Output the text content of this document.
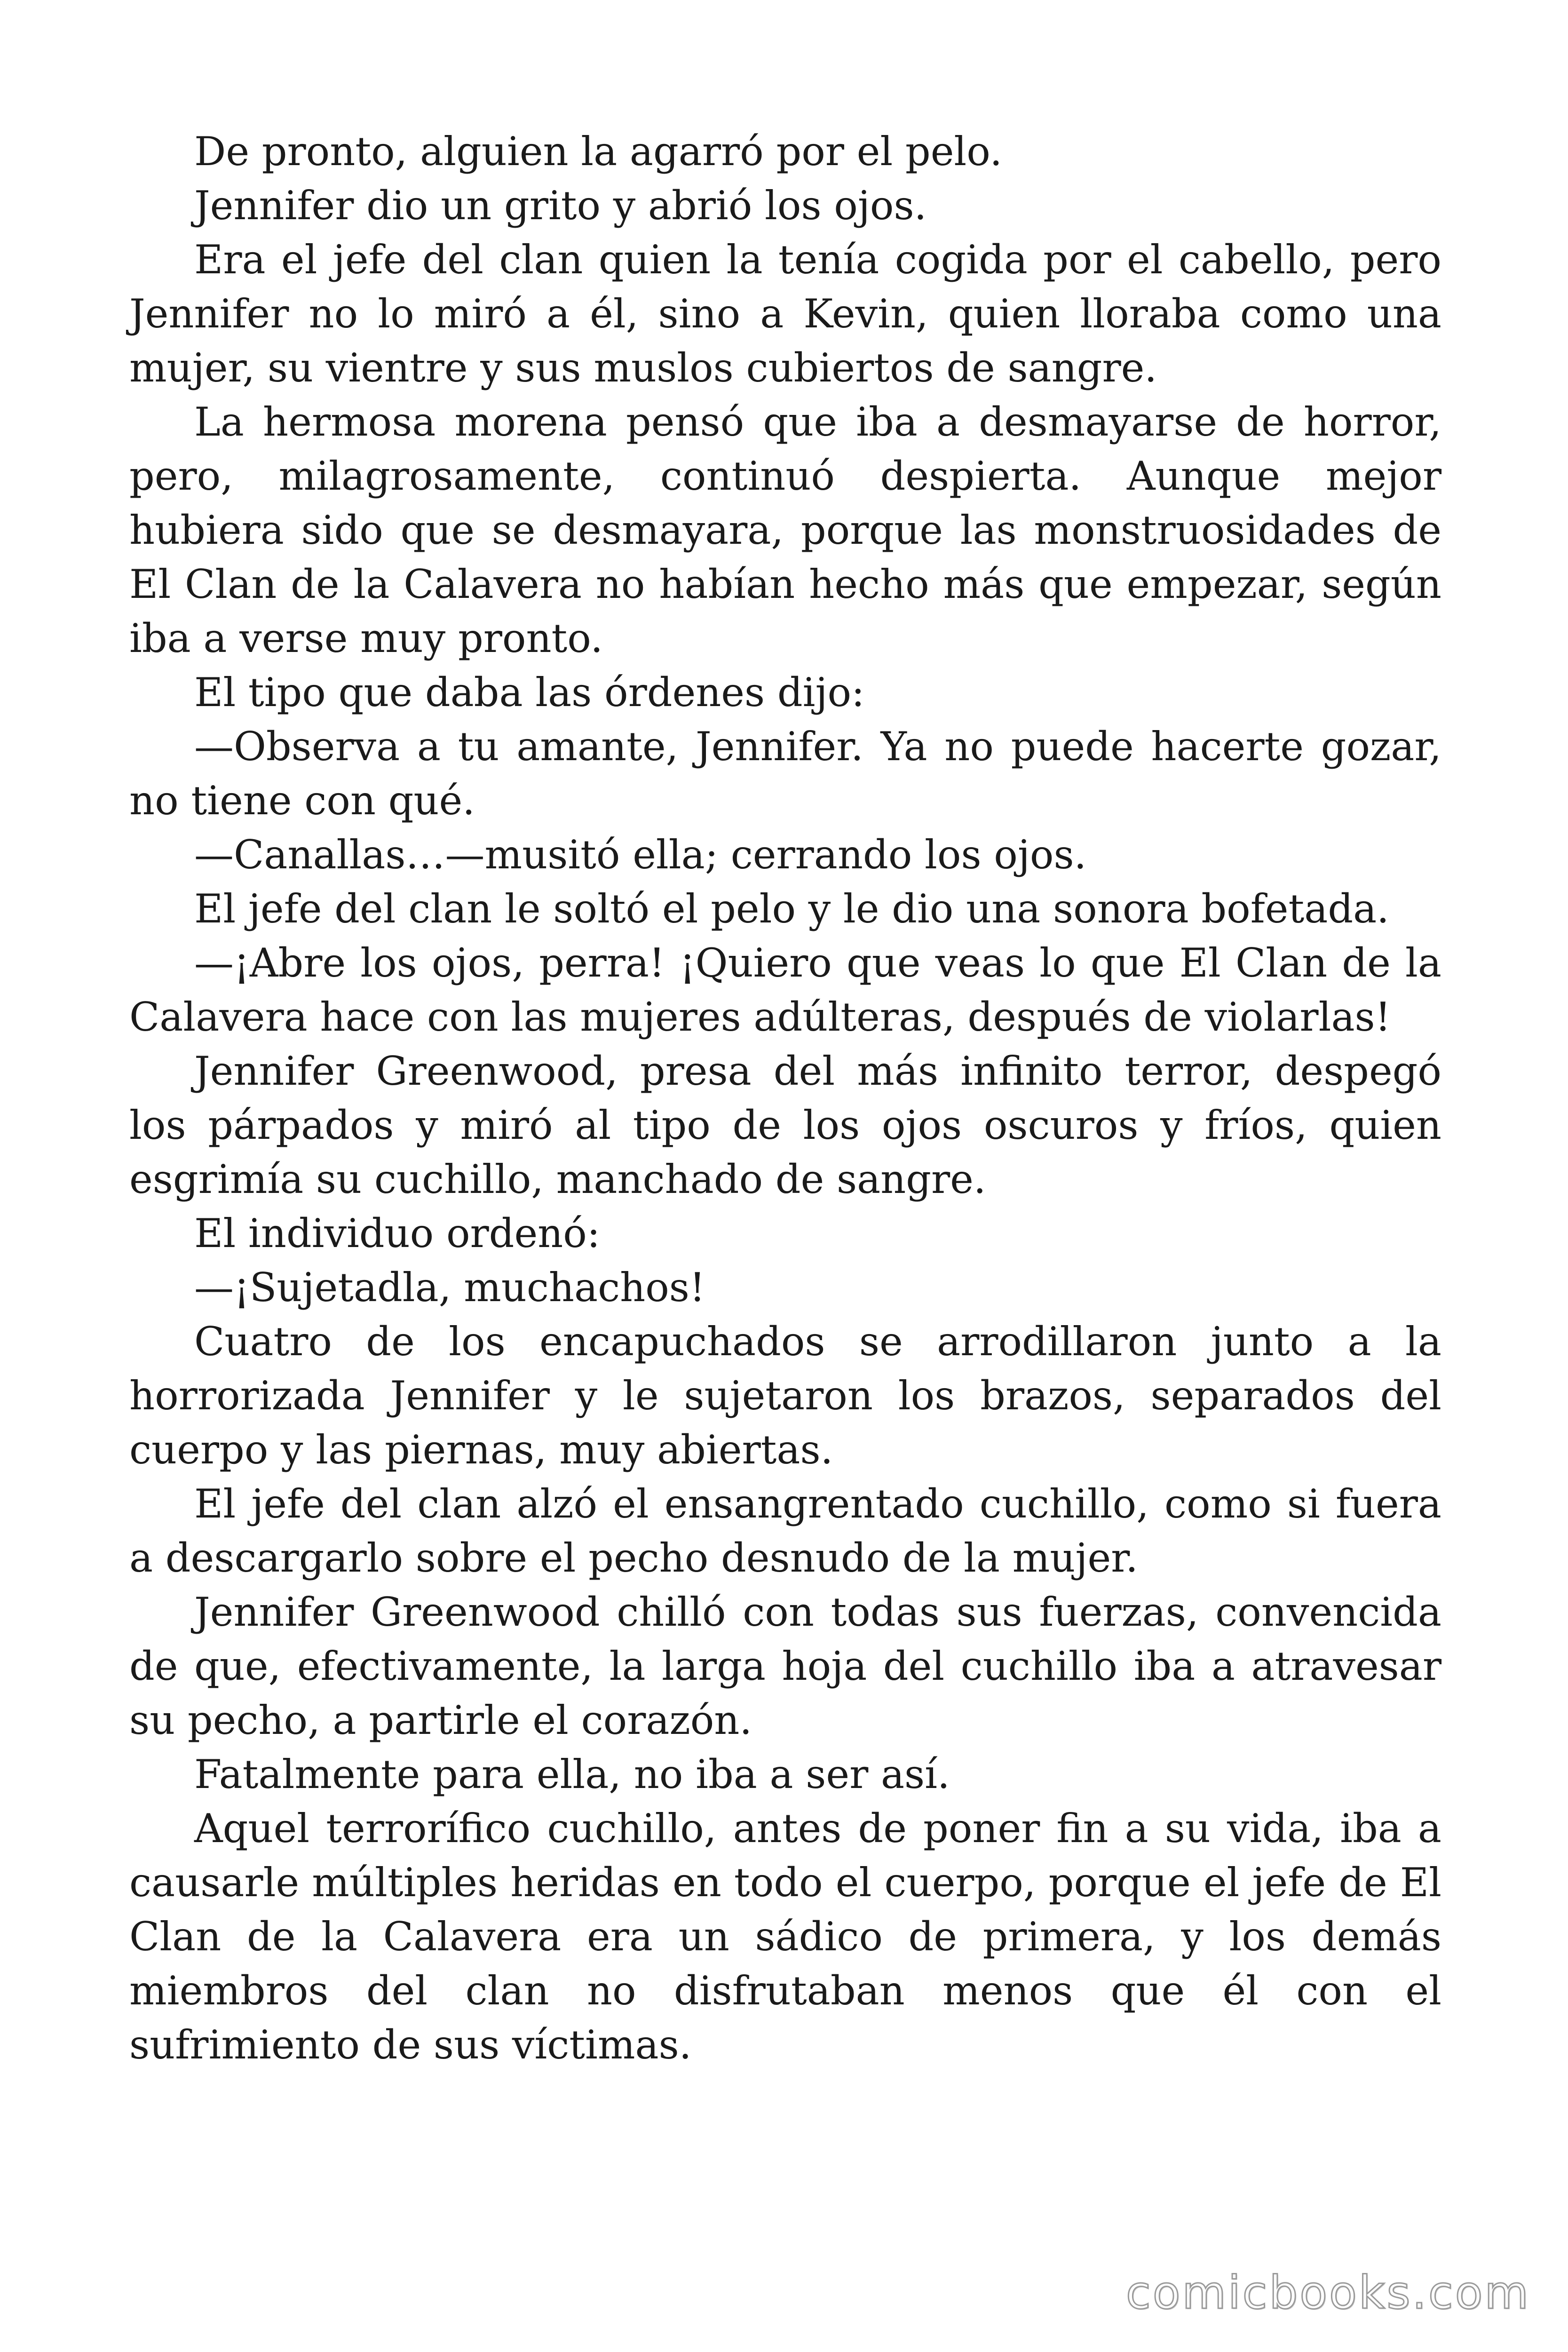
De pronto, alguien la agarró por el pelo.

Jennifer dio un grito y abrió los ojos.

Era el jefe del clan quien la tenía cogida por el cabello, pero Jennifer no lo miró a él, sino a Kevin, quien lloraba como una mujer, su vientre y sus muslos cubiertos de sangre.

La hermosa morena pensó que iba a desmayarse de horror, pero, milagrosamente, continuó despierta. Aunque mejor hubiera sido que se desmayara, porque las monstruosidades de El Clan de la Calavera no habían hecho más que empezar, según iba a verse muy pronto.

El tipo que daba las órdenes dijo:

—Observa a tu amante, Jennifer. Ya no puede hacerte gozar, no tiene con qué.

—Canallas…—musitó ella; cerrando los ojos.

El jefe del clan le soltó el pelo y le dio una sonora bofetada.

—¡Abre los ojos, perra! ¡Quiero que veas lo que El Clan de la Calavera hace con las mujeres adúlteras, después de violarlas!

Jennifer Greenwood, presa del más infinito terror, despegó los párpados y miró al tipo de los ojos oscuros y fríos, quien esgrimía su cuchillo, manchado de sangre.

El individuo ordenó:

—¡Sujetadla, muchachos!

Cuatro de los encapuchados se arrodillaron junto a la horrorizada Jennifer y le sujetaron los brazos, separados del cuerpo y las piernas, muy abiertas.

El jefe del clan alzó el ensangrentado cuchillo, como si fuera a descargarlo sobre el pecho desnudo de la mujer.

Jennifer Greenwood chilló con todas sus fuerzas, convencida de que, efectivamente, la larga hoja del cuchillo iba a atravesar su pecho, a partirle el corazón.

Fatalmente para ella, no iba a ser así.

Aquel terrorífico cuchillo, antes de poner fin a su vida, iba a causarle múltiples heridas en todo el cuerpo, porque el jefe de El Clan de la Calavera era un sádico de primera, y los demás miembros del clan no disfrutaban menos que él con el sufrimiento de sus víctimas.

comicbooks.com
